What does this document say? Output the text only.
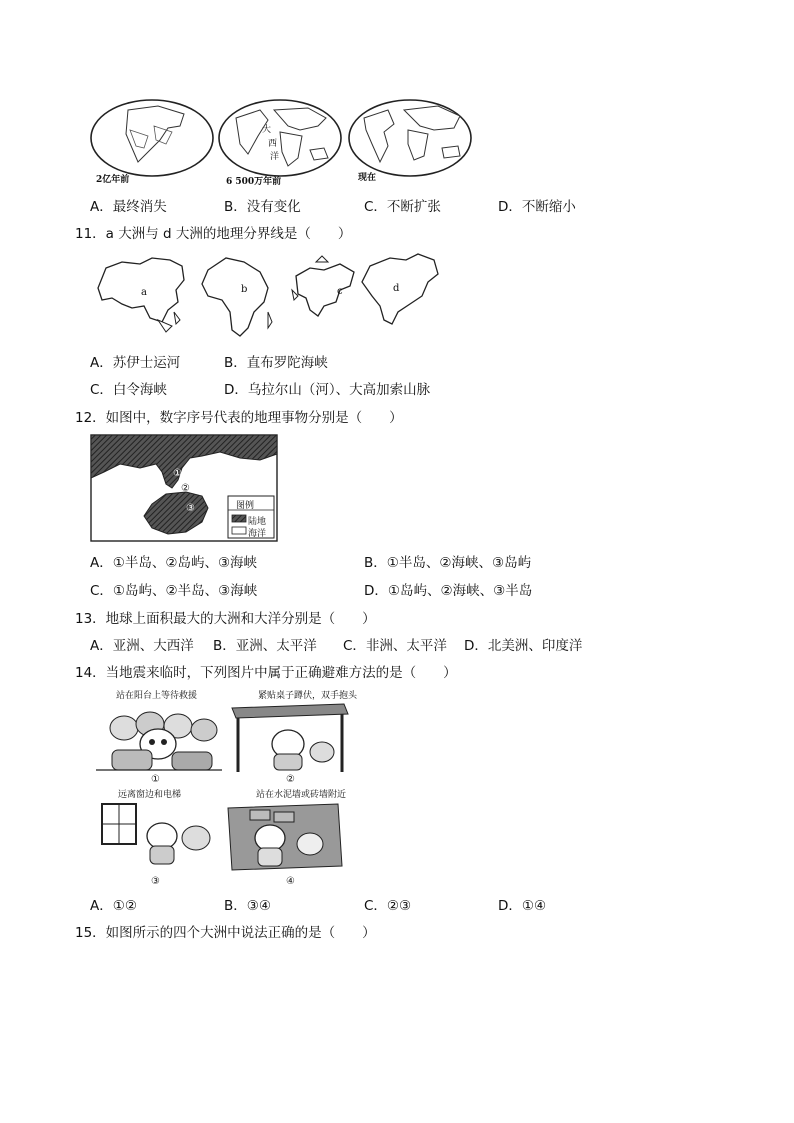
2亿年前	6 500万年前	现在
大
西
洋
A．最终消失	B．没有变化	C．不断扩张	D．不断缩小
11．a 大洲与 d 大洲的地理分界线是（　　）
a	b	c	d
A．苏伊士运河	B．直布罗陀海峡
C．白令海峡	D．乌拉尔山（河）、大高加索山脉
12．如图中，数字序号代表的地理事物分别是（　　）
①
②
③	图例
陆地
海洋
A．①半岛、②岛屿、③海峡	B．①半岛、②海峡、③岛屿
C．①岛屿、②半岛、③海峡	D．①岛屿、②海峡、③半岛
13．地球上面积最大的大洲和大洋分别是（　　）
A．亚洲、大西洋 B．亚洲、太平洋 C．非洲、太平洋 D．北美洲、印度洋
14．当地震来临时，下列图片中属于正确避难方法的是（　　）
站在阳台上等待救援	紧贴桌子蹲伏，双手抱头
远离窗边和电梯	站在水泥墙或砖墙附近
①	②
③	④
A．①②	B．③④	C．②③	D．①④
15．如图所示的四个大洲中说法正确的是（　　）
